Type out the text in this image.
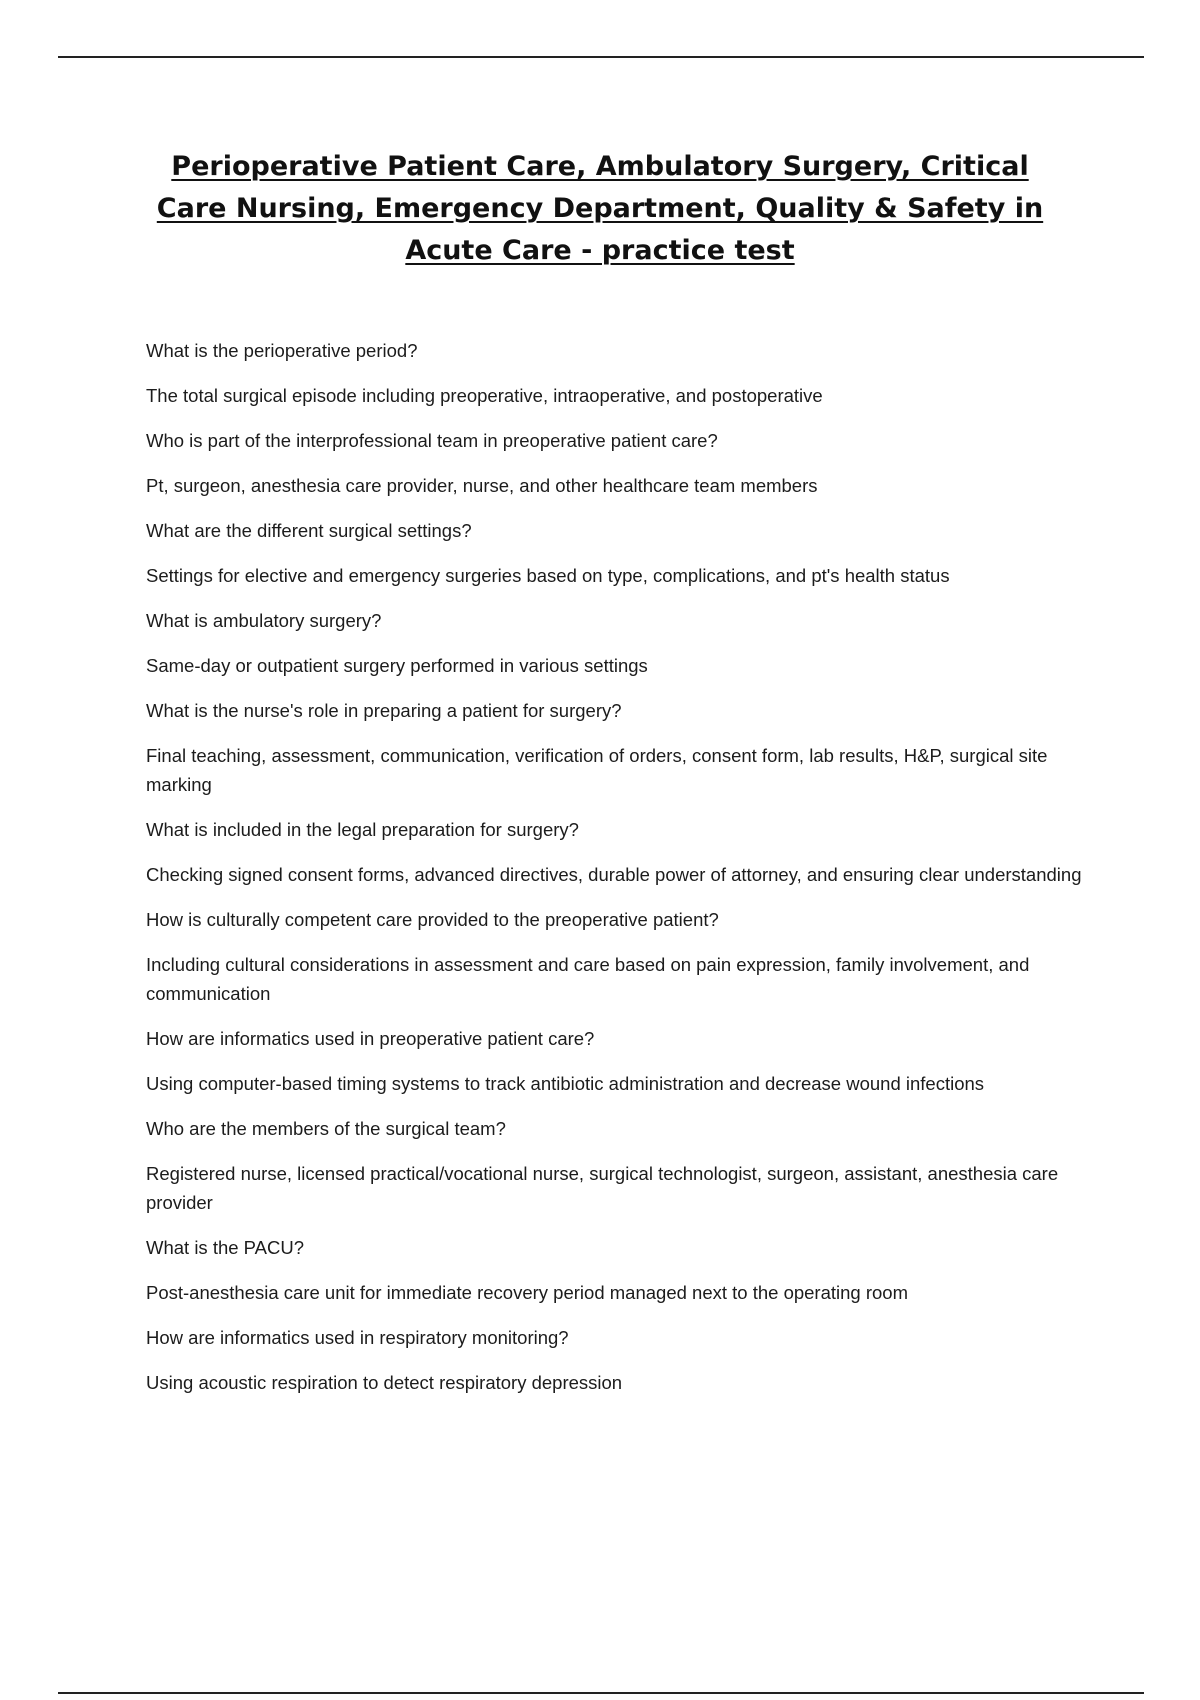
Perioperative Patient Care, Ambulatory Surgery, Critical Care Nursing, Emergency Department, Quality & Safety in Acute Care - practice test
What is the perioperative period?
The total surgical episode including preoperative, intraoperative, and postoperative
Who is part of the interprofessional team in preoperative patient care?
Pt, surgeon, anesthesia care provider, nurse, and other healthcare team members
What are the different surgical settings?
Settings for elective and emergency surgeries based on type, complications, and pt's health status
What is ambulatory surgery?
Same-day or outpatient surgery performed in various settings
What is the nurse's role in preparing a patient for surgery?
Final teaching, assessment, communication, verification of orders, consent form, lab results, H&P, surgical site marking
What is included in the legal preparation for surgery?
Checking signed consent forms, advanced directives, durable power of attorney, and ensuring clear understanding
How is culturally competent care provided to the preoperative patient?
Including cultural considerations in assessment and care based on pain expression, family involvement, and communication
How are informatics used in preoperative patient care?
Using computer-based timing systems to track antibiotic administration and decrease wound infections
Who are the members of the surgical team?
Registered nurse, licensed practical/vocational nurse, surgical technologist, surgeon, assistant, anesthesia care provider
What is the PACU?
Post-anesthesia care unit for immediate recovery period managed next to the operating room
How are informatics used in respiratory monitoring?
Using acoustic respiration to detect respiratory depression
